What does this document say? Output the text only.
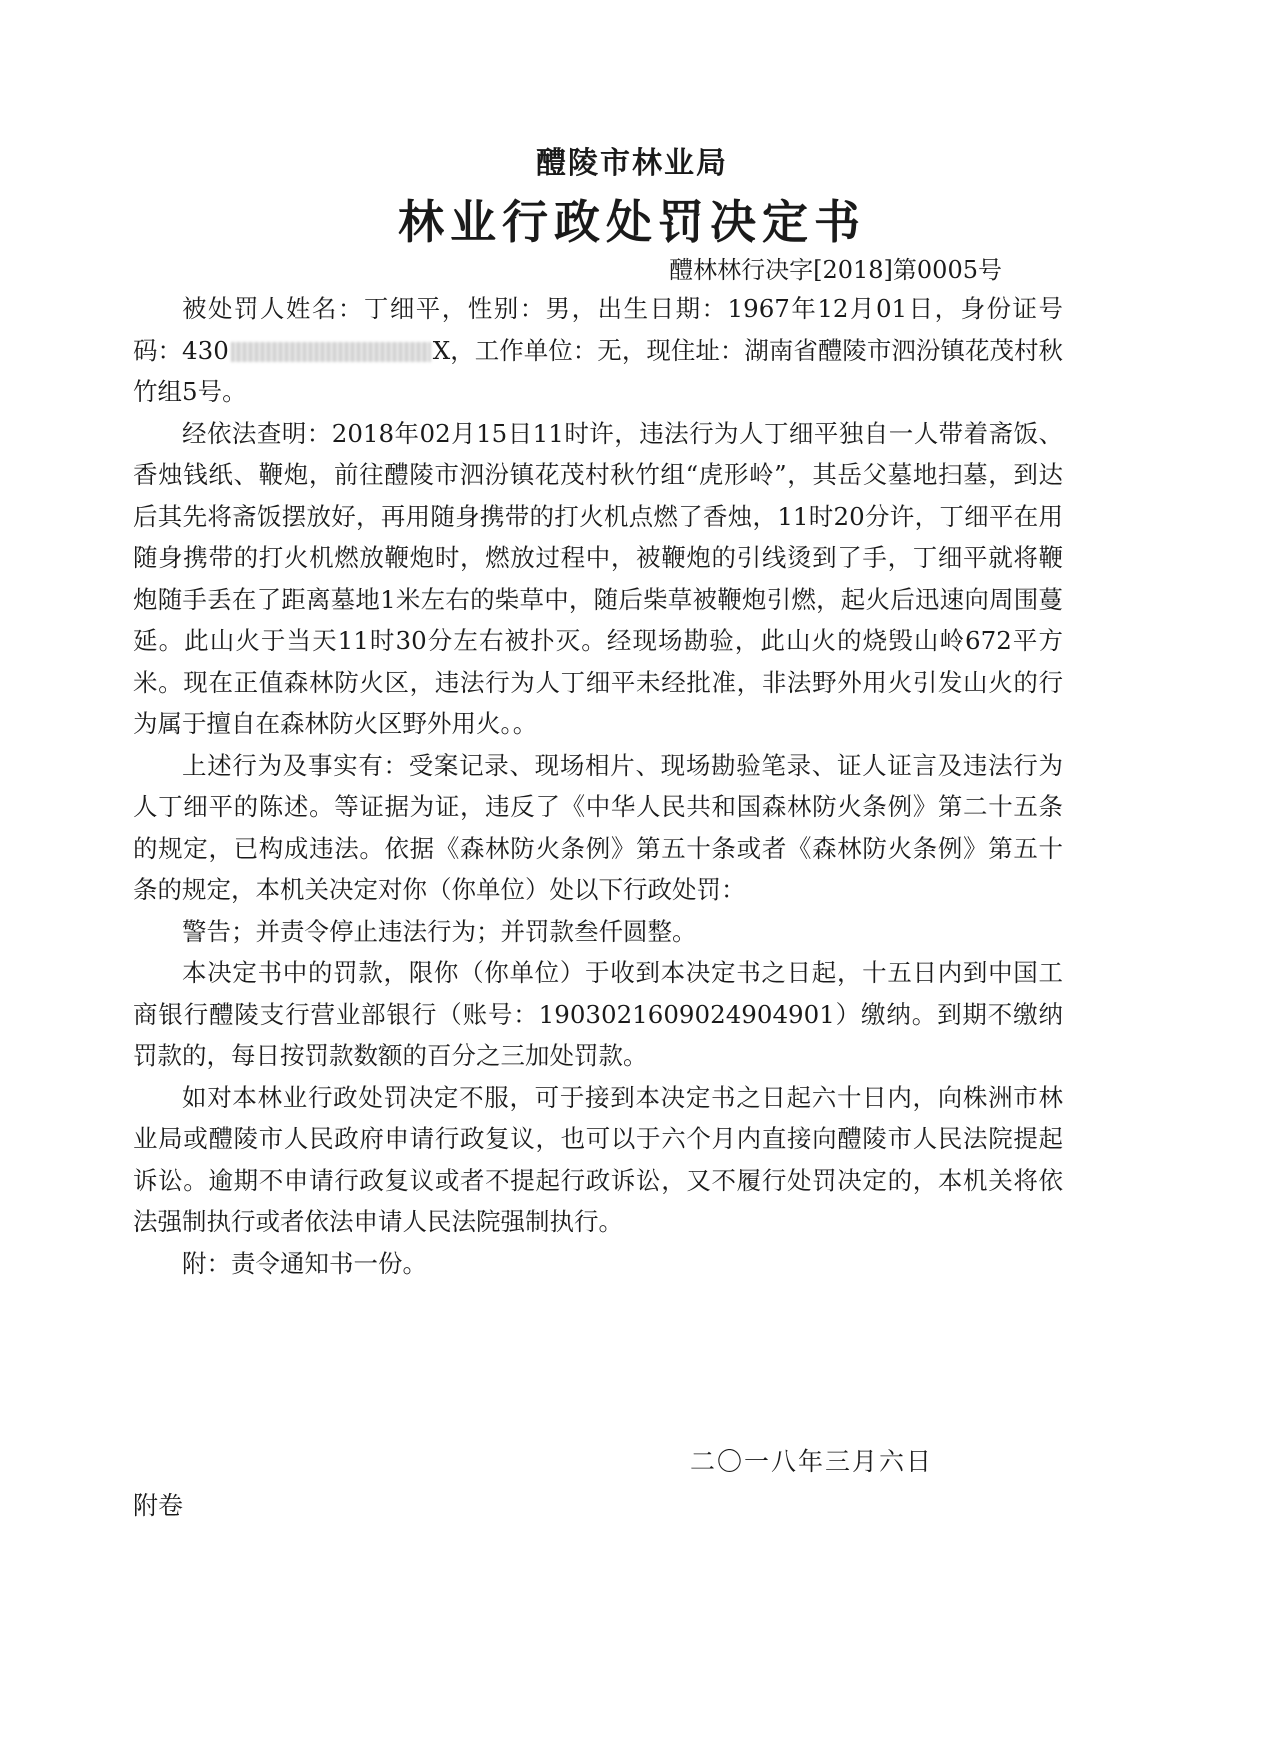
醴陵市林业局
林业行政处罚决定书
醴林林行决字[2018]第0005号

被处罚人姓名：丁细平，性别：男，出生日期：1967年12月01日，身份证号码：430	X，工作单位：无，现住址：湖南省醴陵市泗汾镇花茂村秋竹组5号。

经依法查明：2018年02月15日11时许，违法行为人丁细平独自一人带着斋饭、香烛钱纸、鞭炮，前往醴陵市泗汾镇花茂村秋竹组“虎形岭”，其岳父墓地扫墓，到达后其先将斋饭摆放好，再用随身携带的打火机点燃了香烛，11时20分许，丁细平在用随身携带的打火机燃放鞭炮时，燃放过程中，被鞭炮的引线烫到了手，丁细平就将鞭炮随手丢在了距离墓地1米左右的柴草中，随后柴草被鞭炮引燃，起火后迅速向周围蔓延。此山火于当天11时30分左右被扑灭。经现场勘验，此山火的烧毁山岭672平方米。现在正值森林防火区，违法行为人丁细平未经批准，非法野外用火引发山火的行为属于擅自在森林防火区野外用火。。

上述行为及事实有：受案记录、现场相片、现场勘验笔录、证人证言及违法行为人丁细平的陈述。等证据为证，违反了《中华人民共和国森林防火条例》第二十五条的规定，已构成违法。依据《森林防火条例》第五十条或者《森林防火条例》第五十条的规定，本机关决定对你（你单位）处以下行政处罚：

警告；并责令停止违法行为；并罚款叁仟圆整。

本决定书中的罚款，限你（你单位）于收到本决定书之日起，十五日内到中国工商银行醴陵支行营业部银行（账号：1903021609024904901）缴纳。到期不缴纳罚款的，每日按罚款数额的百分之三加处罚款。

如对本林业行政处罚决定不服，可于接到本决定书之日起六十日内，向株洲市林业局或醴陵市人民政府申请行政复议，也可以于六个月内直接向醴陵市人民法院提起诉讼。逾期不申请行政复议或者不提起行政诉讼，又不履行处罚决定的，本机关将依法强制执行或者依法申请人民法院强制执行。

附：责令通知书一份。

二〇一八年三月六日
附卷
